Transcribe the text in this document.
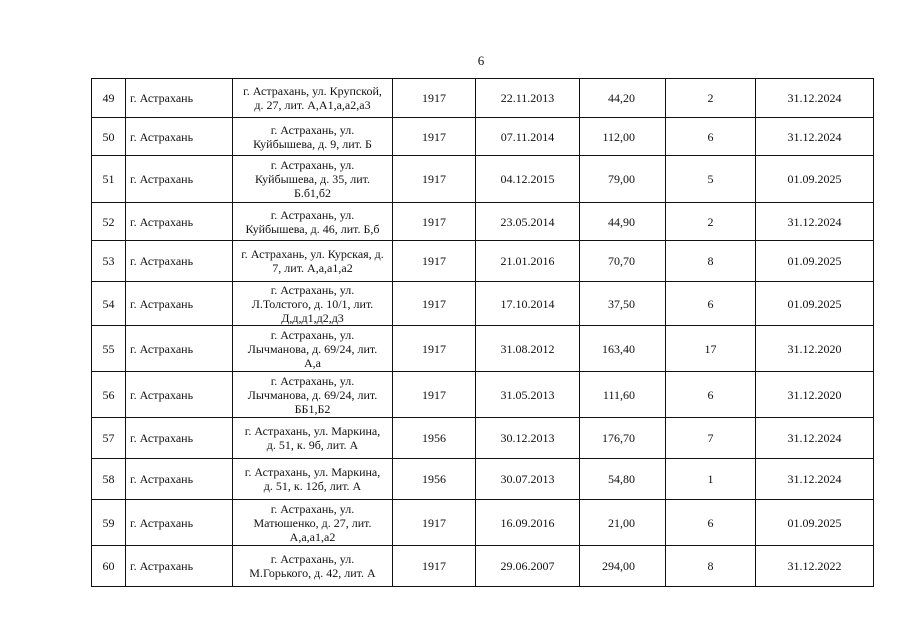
6
49	г. Астрахань	г. Астрахань, ул. Крупской,
д. 27, лит. А,А1,а,а2,а3	1917	22.11.2013	44,20	2	31.12.2024
50	г. Астрахань	г. Астрахань, ул.
Куйбышева, д. 9, лит. Б	1917	07.11.2014	112,00	6	31.12.2024
51	г. Астрахань	г. Астрахань, ул.
Куйбышева, д. 35, лит.
Б.б1,б2	1917	04.12.2015	79,00	5	01.09.2025
52	г. Астрахань	г. Астрахань, ул.
Куйбышева, д. 46, лит. Б,б	1917	23.05.2014	44,90	2	31.12.2024
53	г. Астрахань	г. Астрахань, ул. Курская, д.
7, лит. А,а,а1,а2	1917	21.01.2016	70,70	8	01.09.2025
54	г. Астрахань	г. Астрахань, ул.
Л.Толстого, д. 10/1, лит.
Д,д,д1,д2,д3	1917	17.10.2014	37,50	6	01.09.2025
55	г. Астрахань	г. Астрахань, ул.
Лычманова, д. 69/24, лит.
А,а	1917	31.08.2012	163,40	17	31.12.2020
56	г. Астрахань	г. Астрахань, ул.
Лычманова, д. 69/24, лит.
ББ1,Б2	1917	31.05.2013	111,60	6	31.12.2020
57	г. Астрахань	г. Астрахань, ул. Маркина,
д. 51, к. 9б, лит. А	1956	30.12.2013	176,70	7	31.12.2024
58	г. Астрахань	г. Астрахань, ул. Маркина,
д. 51, к. 12б, лит. А	1956	30.07.2013	54,80	1	31.12.2024
59	г. Астрахань	г. Астрахань, ул.
Матюшенко, д. 27, лит.
А,а,а1,а2	1917	16.09.2016	21,00	6	01.09.2025
60	г. Астрахань	г. Астрахань, ул.
М.Горького, д. 42, лит. А	1917	29.06.2007	294,00	8	31.12.2022
